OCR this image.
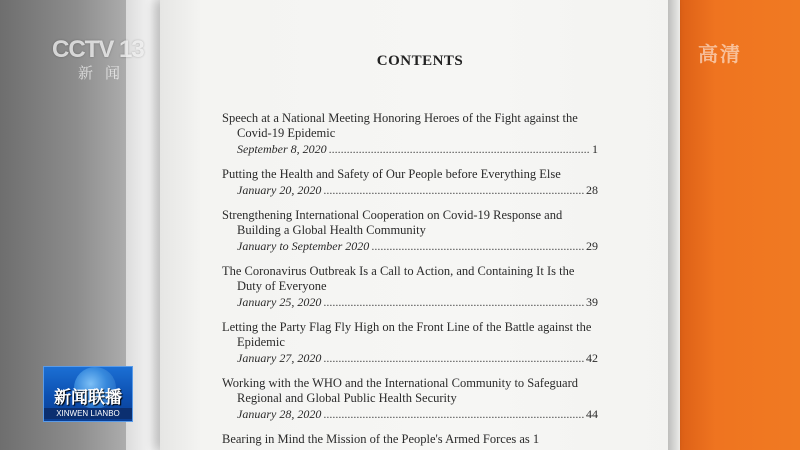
CONTENTS
Speech at a National Meeting Honoring Heroes of the Fight against the Covid-19 Epidemic
September 8, 2020 .....	1
Putting the Health and Safety of Our People before Everything Else
January 20, 2020 .....	28
Strengthening International Cooperation on Covid-19 Response and Building a Global Health Community
January to September 2020 .....	29
The Coronavirus Outbreak Is a Call to Action, and Containing It Is the Duty of Everyone
January 25, 2020 .....	39
Letting the Party Flag Fly High on the Front Line of the Battle against the Epidemic
January 27, 2020 .....	42
Working with the WHO and the International Community to Safeguard Regional and Global Public Health Security
January 28, 2020 .....	44
Bearing in Mind the Mission of the People's Armed Forces as 1
CCTV 13
新闻
高清
新闻联播
XINWEN LIANBO
